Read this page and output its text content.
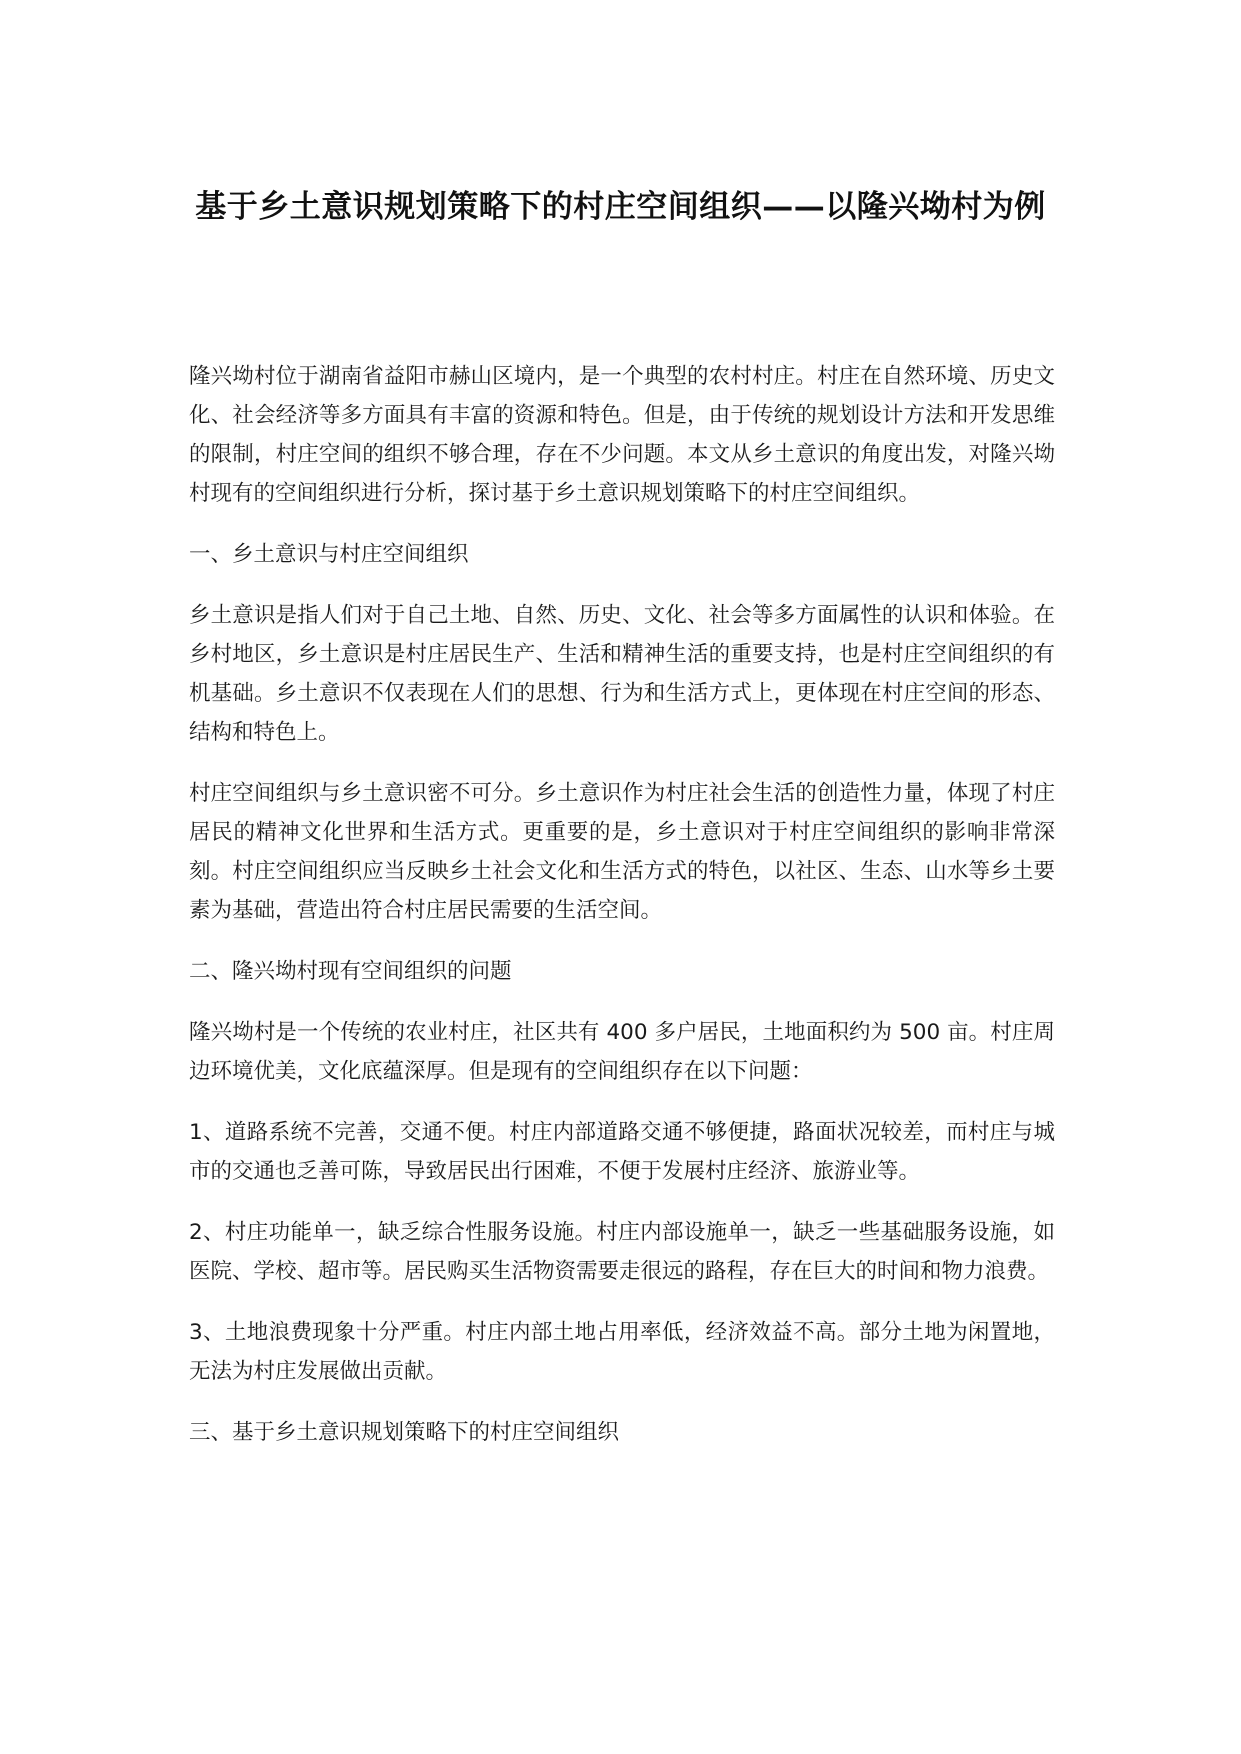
基于乡土意识规划策略下的村庄空间组织——以隆兴坳村为例

隆兴坳村位于湖南省益阳市赫山区境内，是一个典型的农村村庄。村庄在自然环境、历史文化、社会经济等多方面具有丰富的资源和特色。但是，由于传统的规划设计方法和开发思维的限制，村庄空间的组织不够合理，存在不少问题。本文从乡土意识的角度出发，对隆兴坳村现有的空间组织进行分析，探讨基于乡土意识规划策略下的村庄空间组织。

一、乡土意识与村庄空间组织

乡土意识是指人们对于自己土地、自然、历史、文化、社会等多方面属性的认识和体验。在乡村地区，乡土意识是村庄居民生产、生活和精神生活的重要支持，也是村庄空间组织的有机基础。乡土意识不仅表现在人们的思想、行为和生活方式上，更体现在村庄空间的形态、结构和特色上。

村庄空间组织与乡土意识密不可分。乡土意识作为村庄社会生活的创造性力量，体现了村庄居民的精神文化世界和生活方式。更重要的是，乡土意识对于村庄空间组织的影响非常深刻。村庄空间组织应当反映乡土社会文化和生活方式的特色，以社区、生态、山水等乡土要素为基础，营造出符合村庄居民需要的生活空间。

二、隆兴坳村现有空间组织的问题

隆兴坳村是一个传统的农业村庄，社区共有 400 多户居民，土地面积约为 500 亩。村庄周边环境优美，文化底蕴深厚。但是现有的空间组织存在以下问题：

1、道路系统不完善，交通不便。村庄内部道路交通不够便捷，路面状况较差，而村庄与城市的交通也乏善可陈，导致居民出行困难，不便于发展村庄经济、旅游业等。

2、村庄功能单一，缺乏综合性服务设施。村庄内部设施单一，缺乏一些基础服务设施，如医院、学校、超市等。居民购买生活物资需要走很远的路程，存在巨大的时间和物力浪费。

3、土地浪费现象十分严重。村庄内部土地占用率低，经济效益不高。部分土地为闲置地，无法为村庄发展做出贡献。

三、基于乡土意识规划策略下的村庄空间组织
